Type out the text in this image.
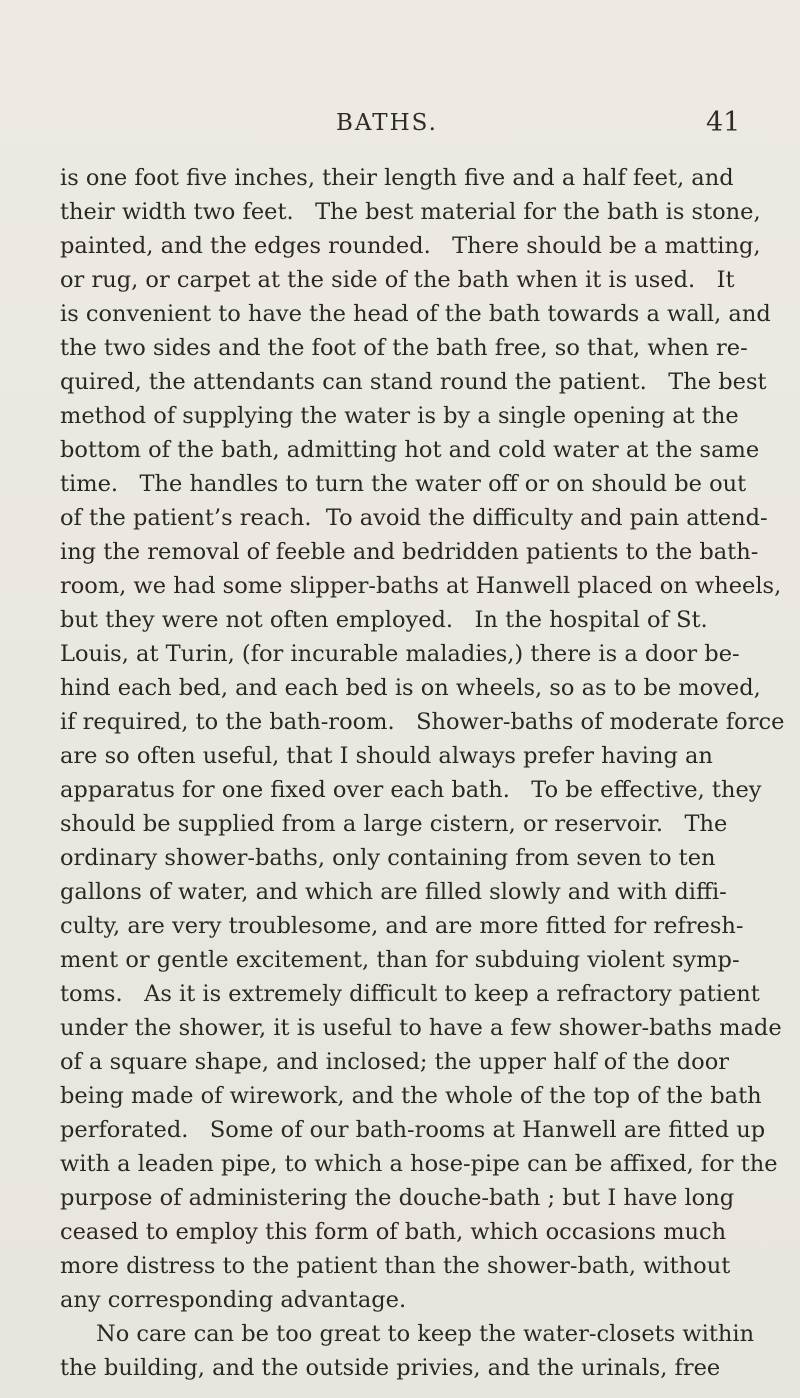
BATHS.	41
is one foot five inches, their length five and a half feet, and
their width two feet.   The best material for the bath is stone,
painted, and the edges rounded.   There should be a matting,
or rug, or carpet at the side of the bath when it is used.   It
is convenient to have the head of the bath towards a wall, and
the two sides and the foot of the bath free, so that, when re-
quired, the attendants can stand round the patient.   The best
method of supplying the water is by a single opening at the
bottom of the bath, admitting hot and cold water at the same
time.   The handles to turn the water off or on should be out
of the patient’s reach.  To avoid the difficulty and pain attend-
ing the removal of feeble and bedridden patients to the bath-
room, we had some slipper-baths at Hanwell placed on wheels,
but they were not often employed.   In the hospital of St.
Louis, at Turin, (for incurable maladies,) there is a door be-
hind each bed, and each bed is on wheels, so as to be moved,
if required, to the bath-room.   Shower-baths of moderate force
are so often useful, that I should always prefer having an
apparatus for one fixed over each bath.   To be effective, they
should be supplied from a large cistern, or reservoir.   The
ordinary shower-baths, only containing from seven to ten
gallons of water, and which are filled slowly and with diffi-
culty, are very troublesome, and are more fitted for refresh-
ment or gentle excitement, than for subduing violent symp-
toms.   As it is extremely difficult to keep a refractory patient
under the shower, it is useful to have a few shower-baths made
of a square shape, and inclosed; the upper half of the door
being made of wirework, and the whole of the top of the bath
perforated.   Some of our bath-rooms at Hanwell are fitted up
with a leaden pipe, to which a hose-pipe can be affixed, for the
purpose of administering the douche-bath ; but I have long
ceased to employ this form of bath, which occasions much
more distress to the patient than the shower-bath, without
any corresponding advantage.
No care can be too great to keep the water-closets within
the building, and the outside privies, and the urinals, free
